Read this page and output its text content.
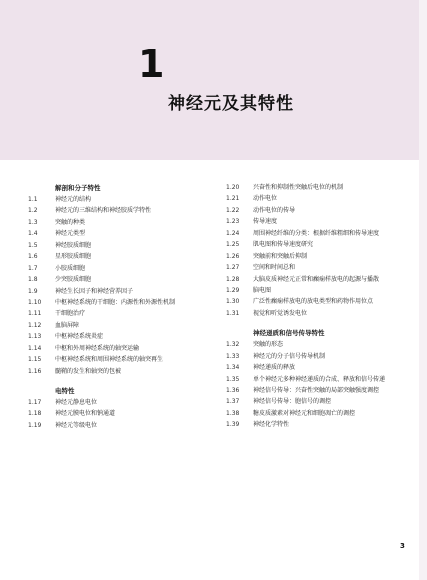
1
神经元及其特性
解剖和分子特性
1.1	神经元的结构
1.2	神经元的三维结构和神经胶质学特性
1.3	突触的种类
1.4	神经元类型
1.5	神经胶质细胞
1.6	星形胶质细胞
1.7	小胶质细胞
1.8	少突胶质细胞
1.9	神经生长因子和神经营养因子
1.10	中枢神经系统的干细胞：内源性和外源性机制
1.11	干细胞治疗
1.12	血脑屏障
1.13	中枢神经系统炎症
1.14	中枢和外周神经系统的轴突运输
1.15	中枢神经系统和周围神经系统的轴突再生
1.16	髓鞘的发生和轴突的包被
电特性
1.17	神经元静息电位
1.18	神经元膜电位和钠通道
1.19	神经元等级电位
1.20	兴奋性和抑制性突触后电位的机制
1.21	动作电位
1.22	动作电位的传导
1.23	传导速度
1.24	周围神经纤维的分类：根据纤维粗细和传导速度
1.25	肌电图和传导速度研究
1.26	突触前和突触后抑制
1.27	空间和时间总和
1.28	大脑皮质神经元正常和癫痫样放电的起源与播散
1.29	脑电图
1.30	广泛性癫痫样放电的放电类型和药物作用位点
1.31	视觉和听觉诱发电位
神经递质和信号传导特性
1.32	突触的形态
1.33	神经元的分子信号传导机制
1.34	神经递质的释放
1.35	单个神经元多种神经递质的合成、释放和信号传递
1.36	神经信号传导：兴奋性突触的局部突触强度调控
1.37	神经信号传导：胞信号的调控
1.38	糖皮质激素对神经元和细胞凋亡的调控
1.39	神经化学特性
3
